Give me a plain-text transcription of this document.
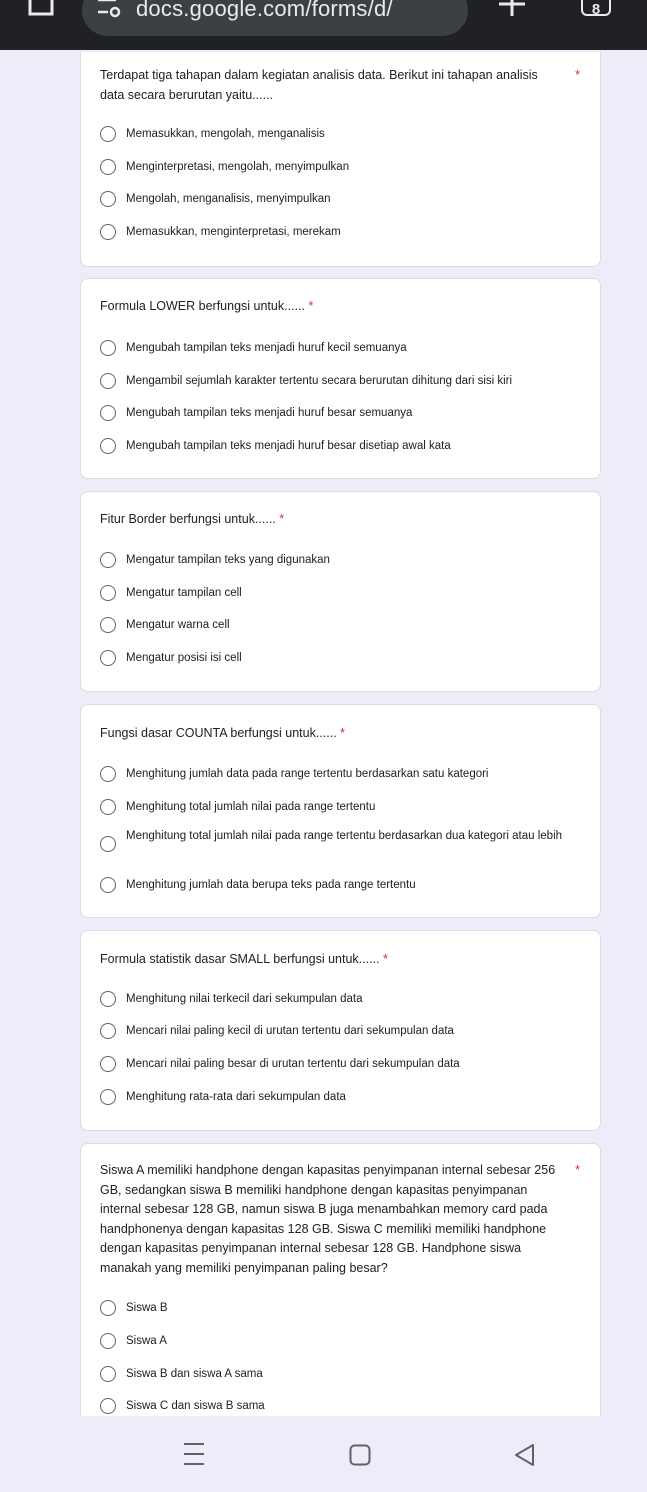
docs.google.com/forms/d/	8
Terdapat tiga tahapan dalam kegiatan analisis data. Berikut ini tahapan analisis data secara berurutan yaitu......
*
Memasukkan, mengolah, menganalisis
Menginterpretasi, mengolah, menyimpulkan
Mengolah, menganalisis, menyimpulkan
Memasukkan, menginterpretasi, merekam
Formula LOWER berfungsi untuk...... *
Mengubah tampilan teks menjadi huruf kecil semuanya
Mengambil sejumlah karakter tertentu secara berurutan dihitung dari sisi kiri
Mengubah tampilan teks menjadi huruf besar semuanya
Mengubah tampilan teks menjadi huruf besar disetiap awal kata
Fitur Border berfungsi untuk...... *
Mengatur tampilan teks yang digunakan
Mengatur tampilan cell
Mengatur warna cell
Mengatur posisi isi cell
Fungsi dasar COUNTA berfungsi untuk...... *
Menghitung jumlah data pada range tertentu berdasarkan satu kategori
Menghitung total jumlah nilai pada range tertentu
Menghitung total jumlah nilai pada range tertentu berdasarkan dua kategori atau lebih
Menghitung jumlah data berupa teks pada range tertentu
Formula statistik dasar SMALL berfungsi untuk...... *
Menghitung nilai terkecil dari sekumpulan data
Mencari nilai paling kecil di urutan tertentu dari sekumpulan data
Mencari nilai paling besar di urutan tertentu dari sekumpulan data
Menghitung rata-rata dari sekumpulan data
Siswa A memiliki handphone dengan kapasitas penyimpanan internal sebesar 256 GB, sedangkan siswa B memiliki handphone dengan kapasitas penyimpanan internal sebesar 128 GB, namun siswa B juga menambahkan memory card pada handphonenya dengan kapasitas 128 GB. Siswa C memiliki memiliki handphone dengan kapasitas penyimpanan internal sebesar 128 GB. Handphone siswa manakah yang memiliki penyimpanan paling besar?
*
Siswa B
Siswa A
Siswa B dan siswa A sama
Siswa C dan siswa B sama
